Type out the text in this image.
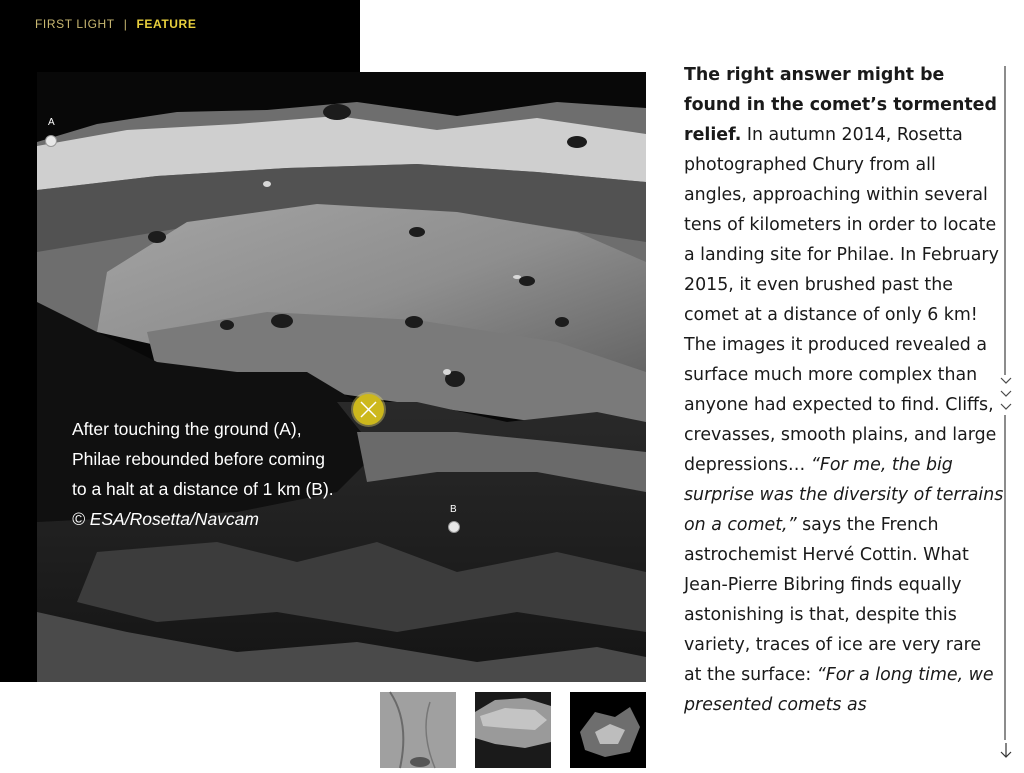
FIRST LIGHT | FEATURE
A
B
After touching the ground (A),
Philae rebounded before coming
to a halt at a distance of 1 km (B).
© ESA/Rosetta/Navcam
The right answer might be found in the comet’s tormented relief. In autumn 2014, Rosetta photographed Chury from all angles, approaching within several tens of kilometers in order to locate a landing site for Philae. In February 2015, it even brushed past the comet at a distance of only 6 km! The images it produced revealed a surface much more complex than anyone had expected to find. Cliffs, crevasses, smooth plains, and large depressions… “For me, the big surprise was the diversity of terrains on a comet,” says the French astrochemist Hervé Cottin. What Jean-Pierre Bibring finds equally astonishing is that, despite this variety, traces of ice are very rare at the surface: “For a long time, we presented comets as
